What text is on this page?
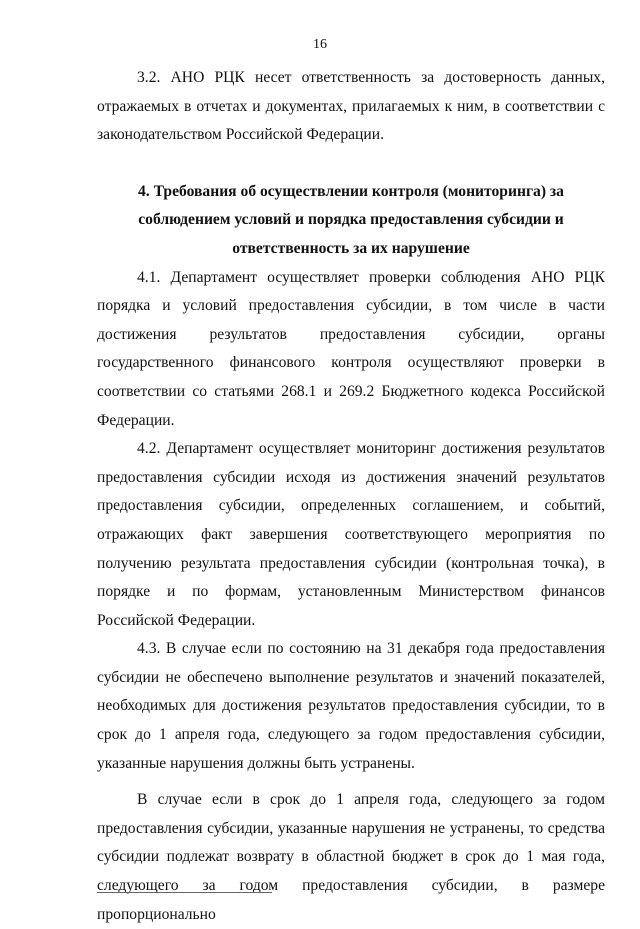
16

3.2. АНО РЦК несет ответственность за достоверность данных, отражаемых в отчетах и документах, прилагаемых к ним, в соответствии с законодательством Российской Федерации.

4. Требования об осуществлении контроля (мониторинга) за соблюдением условий и порядка предоставления субсидии и ответственность за их нарушение

4.1. Департамент осуществляет проверки соблюдения АНО РЦК порядка и условий предоставления субсидии, в том числе в части достижения результатов предоставления субсидии, органы государственного финансового контроля осуществляют проверки в соответствии со статьями 268.1 и 269.2 Бюджетного кодекса Российской Федерации.

4.2. Департамент осуществляет мониторинг достижения результатов предоставления субсидии исходя из достижения значений результатов предоставления субсидии, определенных соглашением, и событий, отражающих факт завершения соответствующего мероприятия по получению результата предоставления субсидии (контрольная точка), в порядке и по формам, установленным Министерством финансов Российской Федерации.

4.3. В случае если по состоянию на 31 декабря года предоставления субсидии не обеспечено выполнение результатов и значений показателей, необходимых для достижения результатов предоставления субсидии, то в срок до 1 апреля года, следующего за годом предоставления субсидии, указанные нарушения должны быть устранены.

В случае если в срок до 1 апреля года, следующего за годом предоставления субсидии, указанные нарушения не устранены, то средства субсидии подлежат возврату в областной бюджет в срок до 1 мая года, следующего за годом предоставления субсидии, в размере пропорционально
